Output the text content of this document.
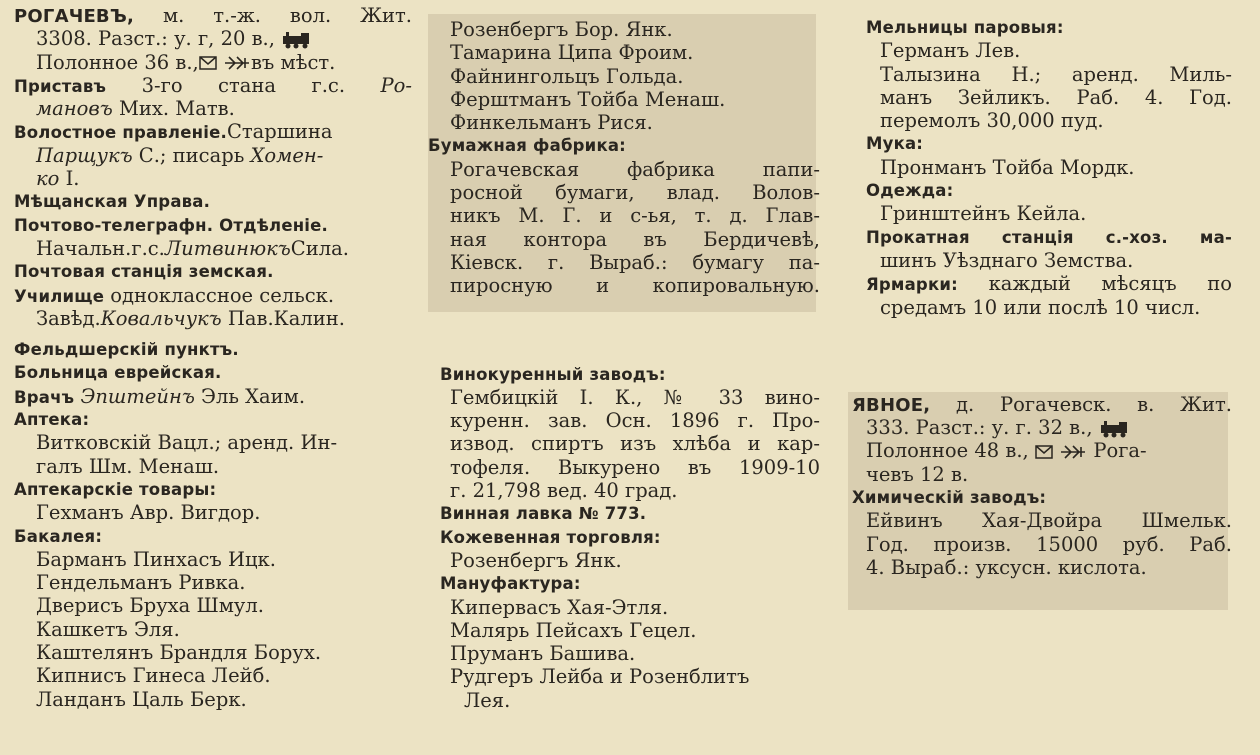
РОГАЧЕВЪ, м. т.-ж. вол. Жит.
3308. Разст.: у. г, 20 в.,
Полонное 36 в.,	въ мѣст.
Приставъ 3-го стана г.с. Ро-
мановъ Мих. Матв.
Волостное правленіе.Старшина
Парщукъ С.; писарь Хомен-
ко I.
Мѣщанская Управа.
Почтово-телеграфн. Отдѣленіе.
Начальн.г.с.ЛитвинюкъСила.
Почтовая станція земская.
Училище одноклассное сельск.
Завѣд.Ковальчукъ Пав.Калин.
Фельдшерскій пунктъ.
Больница еврейская.
Врачъ Эпштейнъ Эль Хаим.
Аптека:
Витковскій Вацл.; аренд. Ин-
галъ Шм. Менаш.
Аптекарскіе товары:
Гехманъ Авр. Вигдор.
Бакалея:
Барманъ Пинхасъ Ицк.
Гендельманъ Ривка.
Дверисъ Бруха Шмул.
Кашкетъ Эля.
Каштелянъ Брандля Борух.
Кипнисъ Гинеса Лейб.
Ланданъ Цаль Берк.
Розенбергъ Бор. Янк.
Тамарина Ципа Фроим.
Файнингольцъ Гольда.
Ферштманъ Тойба Менаш.
Финкельманъ Рися.
Бумажная фабрика:
Рогачевская фабрика папи-
росной бумаги, влад. Волов-
никъ М. Г. и с-ья, т. д. Глав-
ная контора въ Бердичевѣ,
Кіевск. г. Выраб.: бумагу па-
пиросную и копировальную.
Винокуренный заводъ:
Гембицкій I. К., № 33 вино-
куренн. зав. Осн. 1896 г. Про-
извод. спиртъ изъ хлѣба и кар-
тофеля. Выкурено въ 1909-10
г. 21,798 вед. 40 град.
Винная лавка № 773.
Кожевенная торговля:
Розенбергъ Янк.
Мануфактура:
Кипервасъ Хая-Этля.
Малярь Пейсахъ Гецел.
Пруманъ Башива.
Рудгеръ Лейба и Розенблитъ
Лея.
Мельницы паровыя:
Германъ Лев.
Талызина Н.; аренд. Миль-
манъ Зейликъ. Раб. 4. Год.
перемолъ 30,000 пуд.
Мука:
Пронманъ Тойба Мордк.
Одежда:
Гринштейнъ Кейла.
Прокатная станція с.-хоз. ма-
шинъ Уѣзднаго Земства.
Ярмарки: каждый мѣсяцъ по
средамъ 10 или послѣ 10 числ.
ЯВНОЕ, д. Рогачевск. в. Жит.
333. Разст.: у. г. 32 в.,
Полонное 48 в.,	Рога-
чевъ 12 в.
Химическій заводъ:
Ейвинъ Хая-Двойра Шмельк.
Год. произв. 15000 руб. Раб.
4. Выраб.: уксусн. кислота.
